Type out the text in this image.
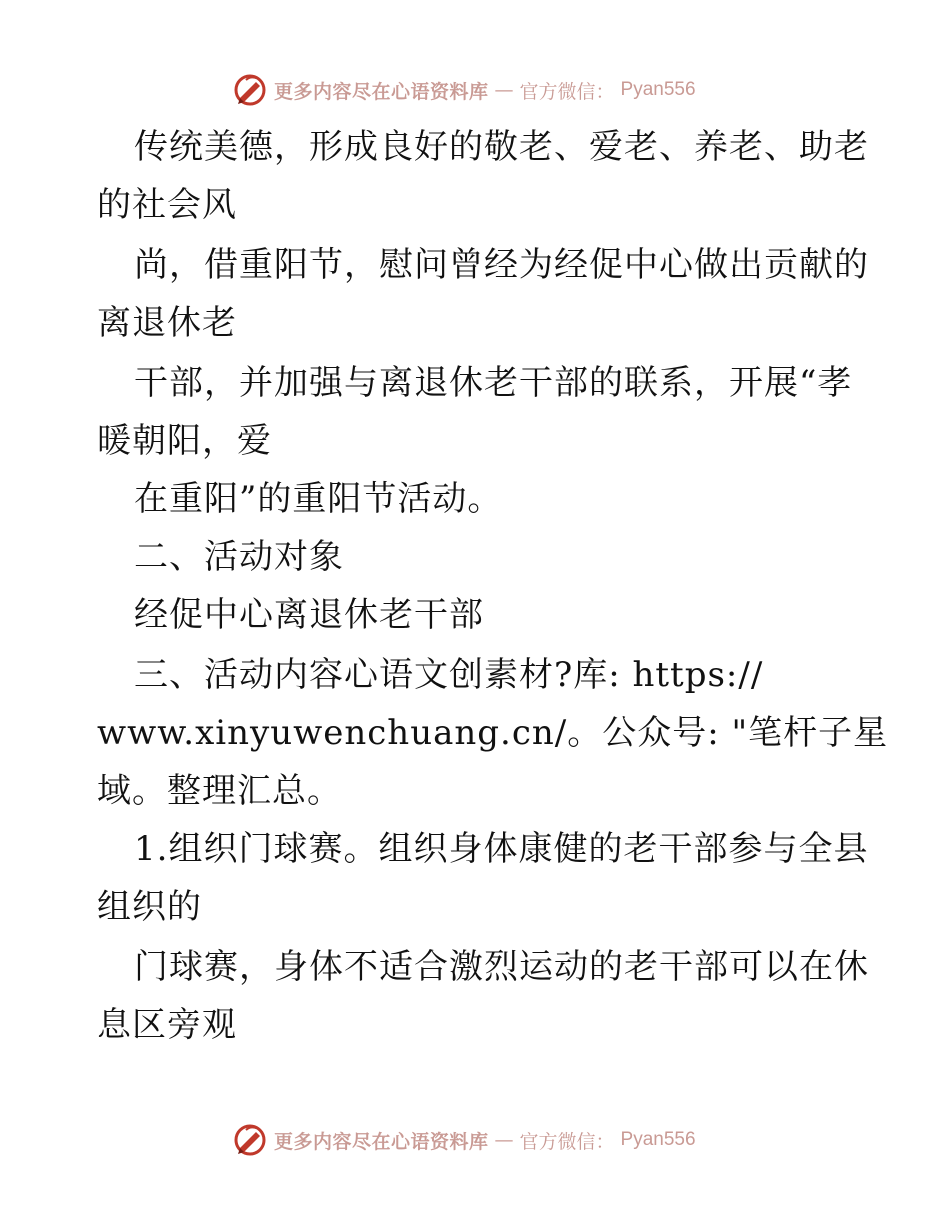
更多内容尽在心语资料库 — 官方微信： Pyan556
传统美德，形成良好的敬老、爱老、养老、助老
的社会风
尚，借重阳节，慰问曾经为经促中心做出贡献的
离退休老
干部，并加强与离退休老干部的联系，开展“孝
暖朝阳，爱
在重阳”的重阳节活动。
二、活动对象
经促中心离退休老干部
三、活动内容心语文创素材?库: https://
www.xinyuwenchuang.cn/。公众号: "笔杆子星
域。整理汇总。
1.组织门球赛。组织身体康健的老干部参与全县
组织的
门球赛，身体不适合激烈运动的老干部可以在休
息区旁观
更多内容尽在心语资料库 — 官方微信： Pyan556
